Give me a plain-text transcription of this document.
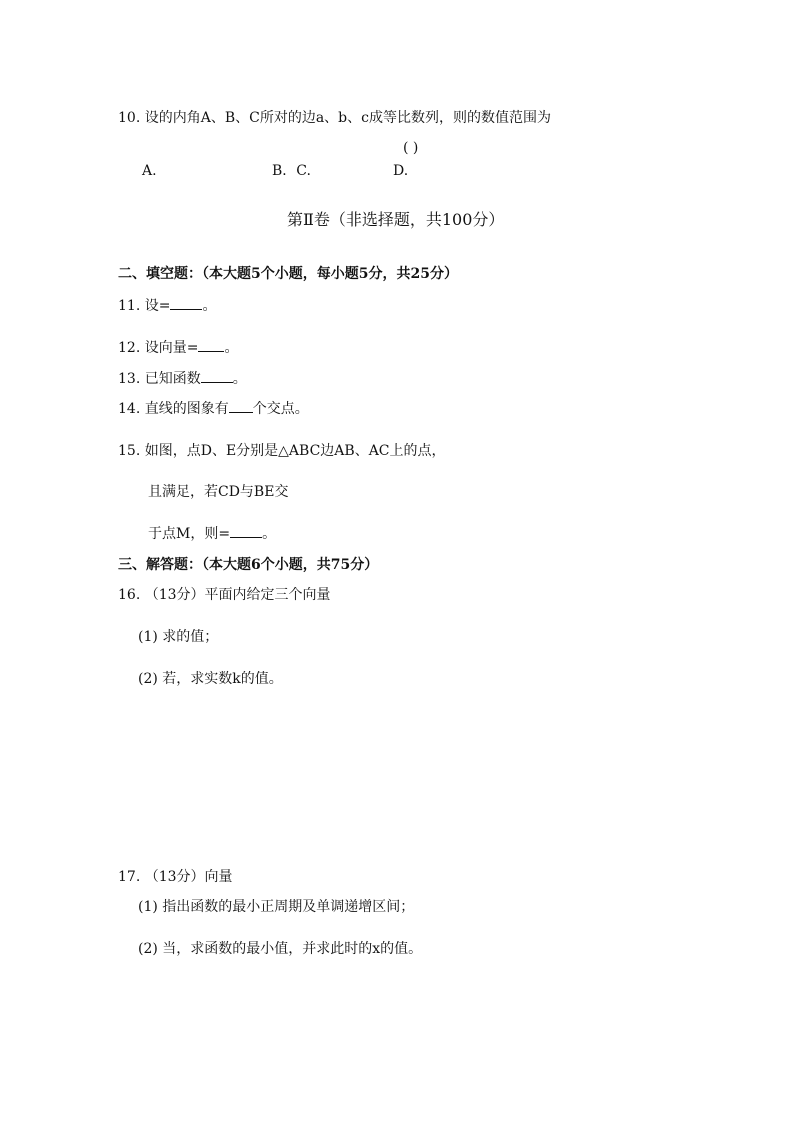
10. 设的内角A、B、C所对的边a、b、c成等比数列，则的数值范围为
( )
A.	B．C.	D.
第Ⅱ卷（非选择题，共100分）
二、填空题：（本大题5个小题，每小题5分，共25分）
11. 设= 。
12. 设向量= 。
13. 已知函数 。
14. 直线的图象有 个交点。
15. 如图，点D、E分别是△ABC边AB、AC上的点，
且满足，若CD与BE交
于点M，则= 。
三、解答题：（本大题6个小题，共75分）
16. （13分）平面内给定三个向量
(1) 求的值；
(2) 若，求实数k的值。
17. （13分）向量
(1) 指出函数的最小正周期及单调递增区间；
(2) 当，求函数的最小值，并求此时的x的值。
